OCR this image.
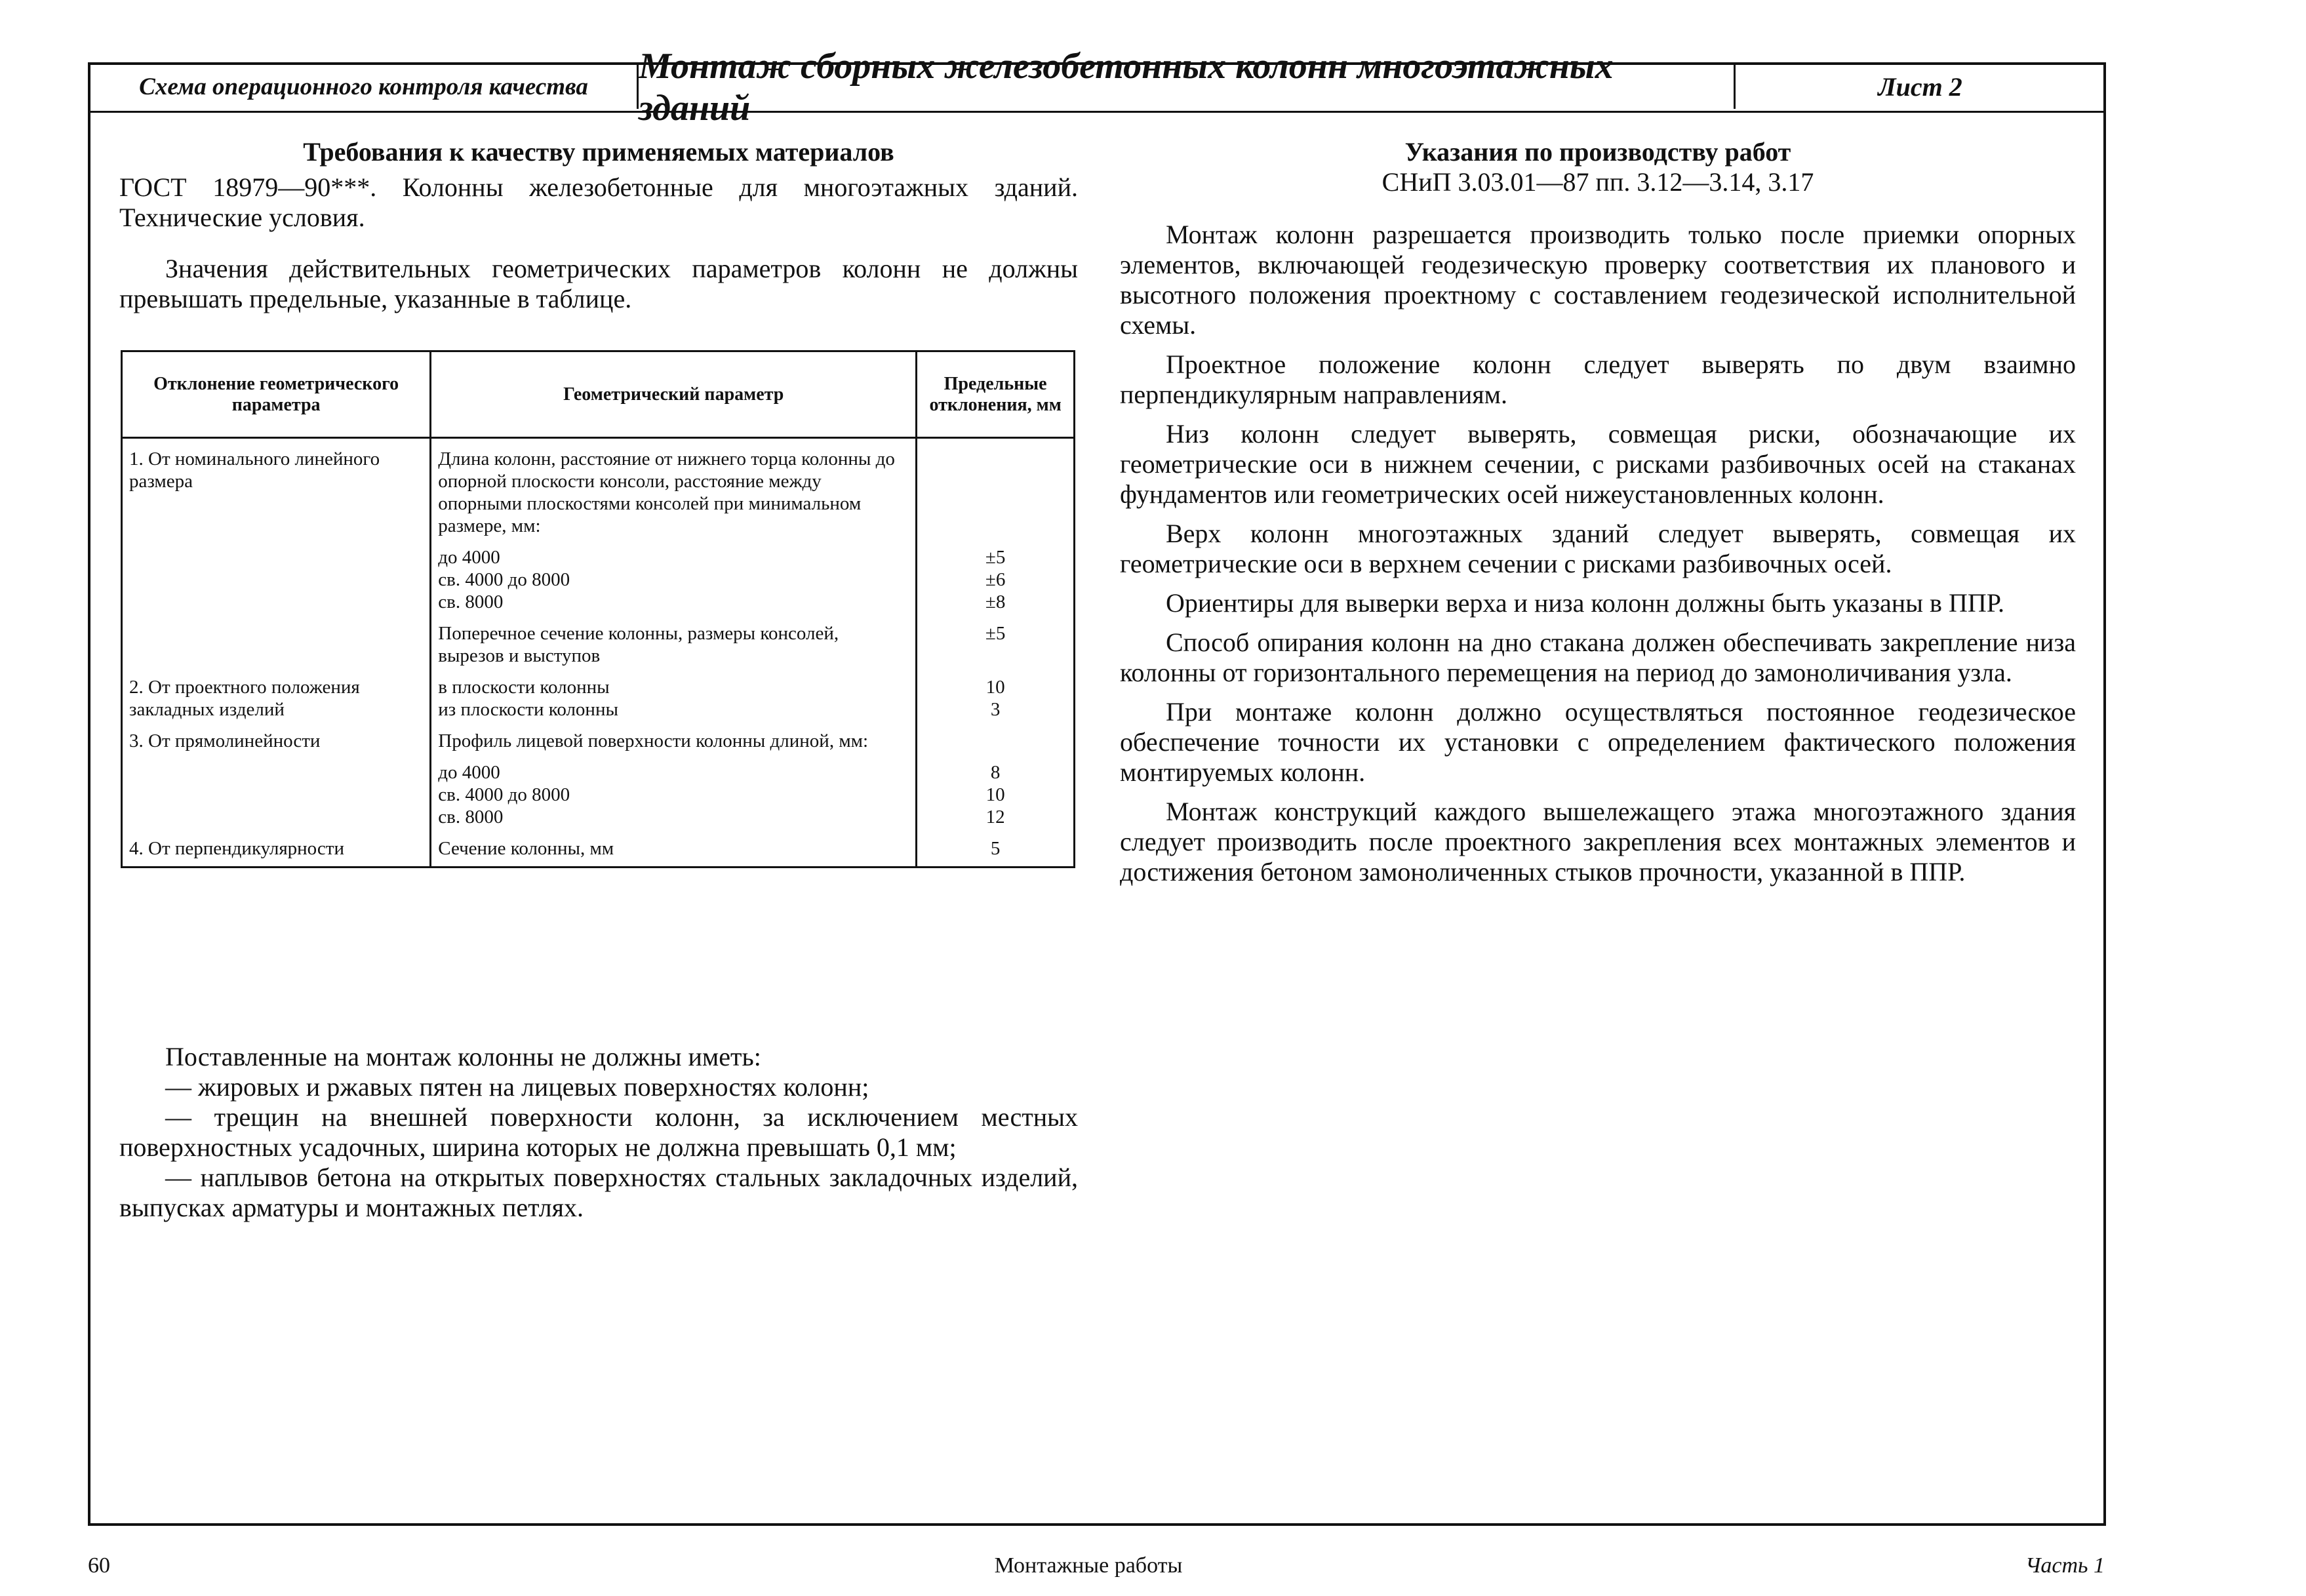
Схема операционного контроля качества
Монтаж сборных железобетонных колонн многоэтажных зданий
Лист 2
Требования к качеству применяемых материалов

ГОСТ 18979—90***. Колонны железобетонные для многоэтажных зданий. Технические условия.

Значения действительных геометрических параметров колонн не должны превышать предельные, указанные в таблице.

Поставленные на монтаж колонны не должны иметь:

— жировых и ржавых пятен на лицевых поверхностях колонн;

— трещин на внешней поверхности колонн, за исключением местных поверхностных усадочных, ширина которых не должна превышать 0,1 мм;

— наплывов бетона на открытых поверхностях стальных закладочных изделий, выпусках арматуры и монтажных петлях.

Указания по производству работ
СНиП 3.03.01—87 пп. 3.12—3.14, 3.17

Монтаж колонн разрешается производить только после приемки опорных элементов, включающей геодезическую проверку соответствия их планового и высотного положения проектному с составлением геодезической исполнительной схемы.

Проектное положение колонн следует выверять по двум взаимно перпендикулярным направлениям.

Низ колонн следует выверять, совмещая риски, обозначающие их геометрические оси в нижнем сечении, с рисками разбивочных осей на стаканах фундаментов или геометрических осей нижеустановленных колонн.

Верх колонн многоэтажных зданий следует выверять, совмещая их геометрические оси в верхнем сечении с рисками разбивочных осей.

Ориентиры для выверки верха и низа колонн должны быть указаны в ППР.

Способ опирания колонн на дно стакана должен обеспечивать закрепление низа колонны от горизонтального перемещения на период до замоноличивания узла.

При монтаже колонн должно осуществляться постоянное геодезическое обеспечение точности их установки с определением фактического положения монтируемых колонн.

Монтаж конструкций каждого вышележащего этажа многоэтажного здания следует производить после проектного закрепления всех монтажных элементов и достижения бетоном замоноличенных стыков прочности, указанной в ППР.

Отклонение геометрического параметра	Геометрический параметр	Предельные отклонения, мм

1. От номинального линейного размера	Длина колонн, расстояние от нижнего торца колонны до опорной плоскости консоли, расстояние между опорными плоскостями консолей при минимальном размере, мм:	

	до 4000	±5
	св. 4000 до 8000	±6
	св. 8000	±8

	Поперечное сечение колонны, размеры консолей, вырезов и выступов	±5

2. От проектного положения закладных изделий	в плоскости колонны	10
	из плоскости колонны	3

3. От прямолинейности	Профиль лицевой поверхности колонны длиной, мм:	

	до 4000	8
	св. 4000 до 8000	10
	св. 8000	12

4. От перпендикулярности	Сечение колонны, мм	5
60	Монтажные работы	Часть 1
